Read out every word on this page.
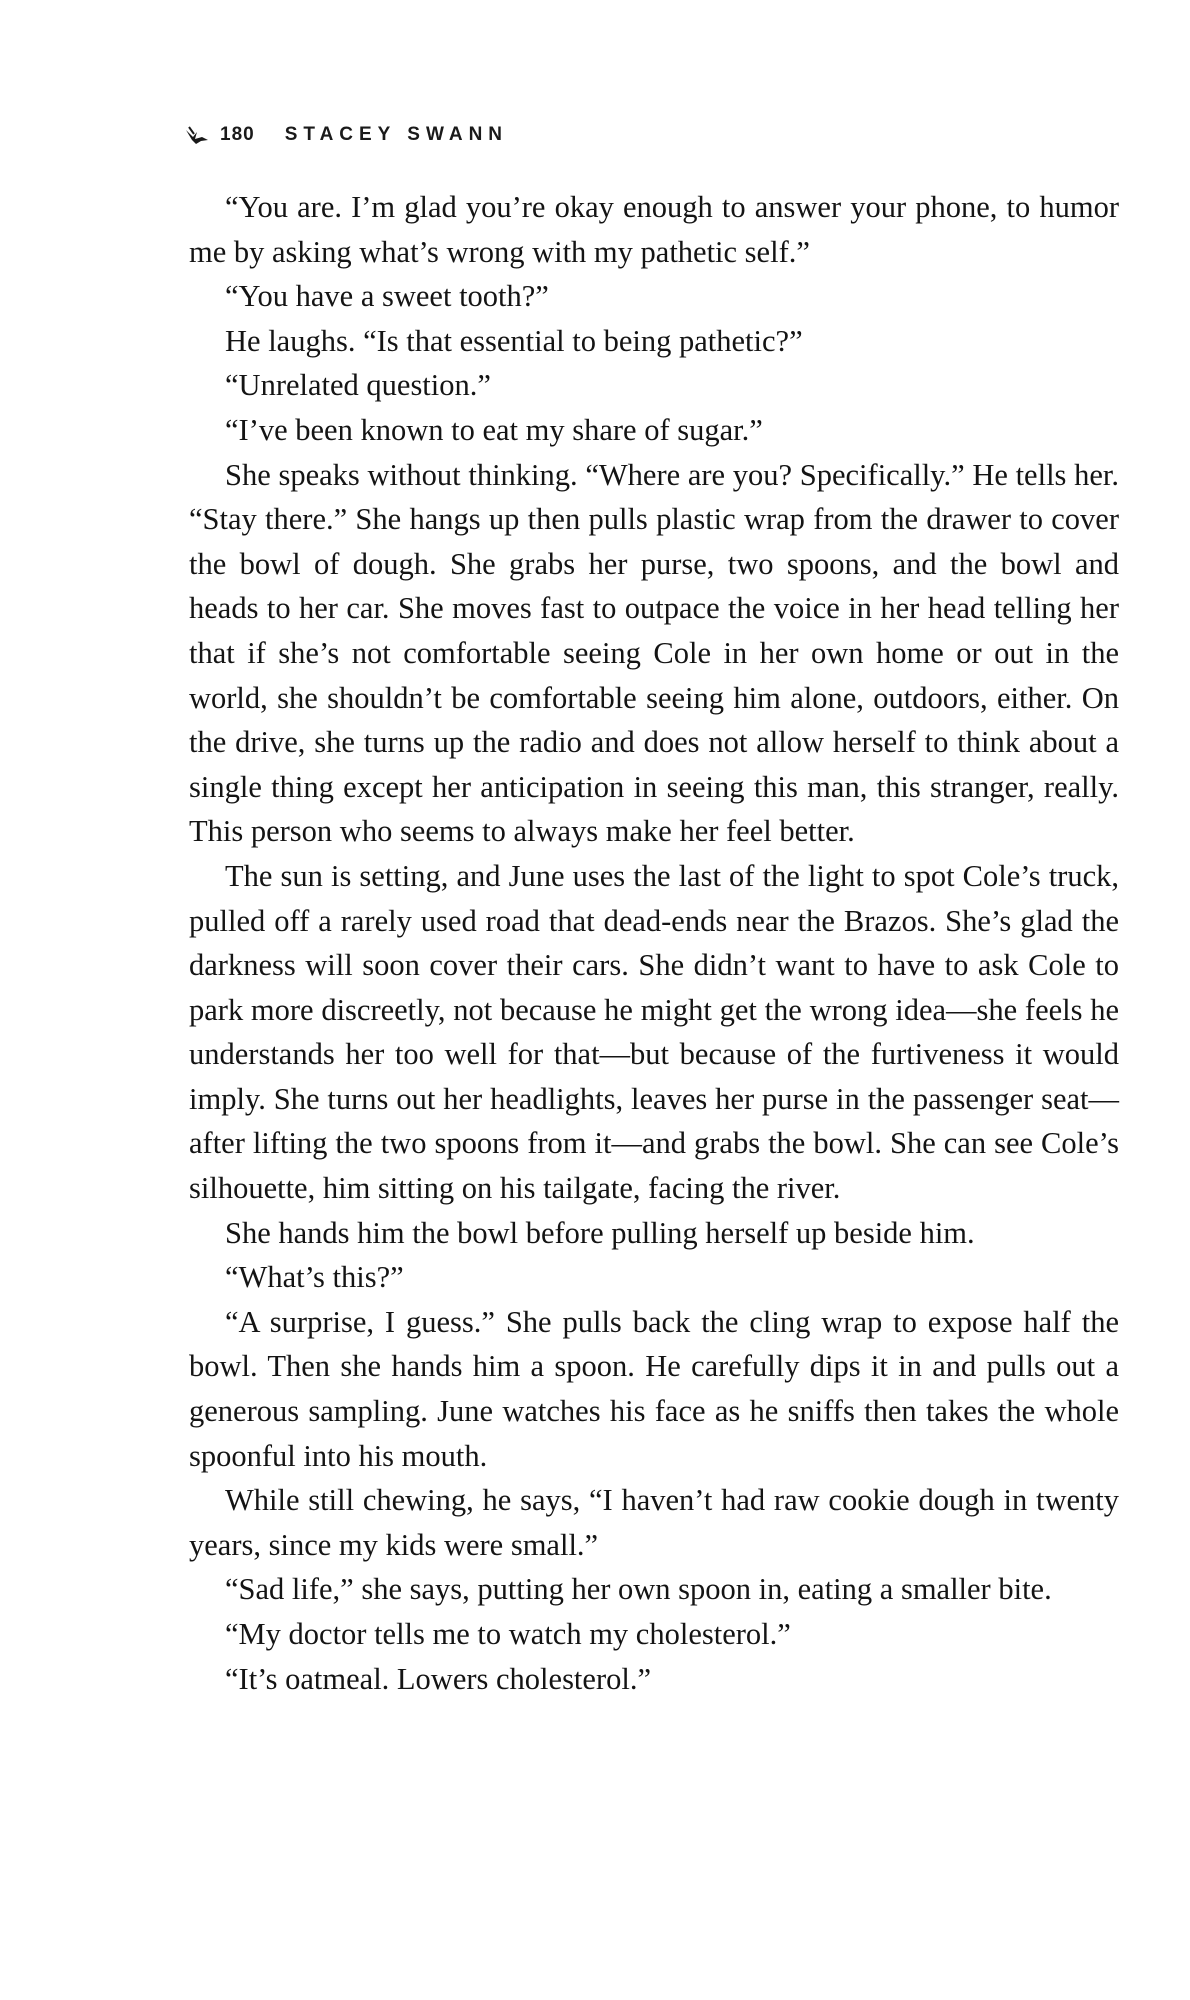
180 STACEY SWANN

“You are. I’m glad you’re okay enough to answer your phone, to humor me by asking what’s wrong with my pathetic self.”

“You have a sweet tooth?”

He laughs. “Is that essential to being pathetic?”

“Unrelated question.”

“I’ve been known to eat my share of sugar.”

She speaks without thinking. “Where are you? Specifically.” He tells her. “Stay there.” She hangs up then pulls plastic wrap from the drawer to cover the bowl of dough. She grabs her purse, two spoons, and the bowl and heads to her car. She moves fast to outpace the voice in her head telling her that if she’s not comfortable seeing Cole in her own home or out in the world, she shouldn’t be comfortable seeing him alone, outdoors, either. On the drive, she turns up the radio and does not allow herself to think about a single thing except her anticipation in seeing this man, this stranger, really. This person who seems to always make her feel better.

The sun is setting, and June uses the last of the light to spot Cole’s truck, pulled off a rarely used road that dead-ends near the Brazos. She’s glad the darkness will soon cover their cars. She didn’t want to have to ask Cole to park more discreetly, not because he might get the wrong idea—she feels he understands her too well for that—but because of the furtiveness it would imply. She turns out her headlights, leaves her purse in the passenger seat—after lifting the two spoons from it—and grabs the bowl. She can see Cole’s silhouette, him sitting on his tailgate, facing the river.

She hands him the bowl before pulling herself up beside him.

“What’s this?”

“A surprise, I guess.” She pulls back the cling wrap to expose half the bowl. Then she hands him a spoon. He carefully dips it in and pulls out a generous sampling. June watches his face as he sniffs then takes the whole spoonful into his mouth.

While still chewing, he says, “I haven’t had raw cookie dough in twenty years, since my kids were small.”

“Sad life,” she says, putting her own spoon in, eating a smaller bite.

“My doctor tells me to watch my cholesterol.”

“It’s oatmeal. Lowers cholesterol.”
